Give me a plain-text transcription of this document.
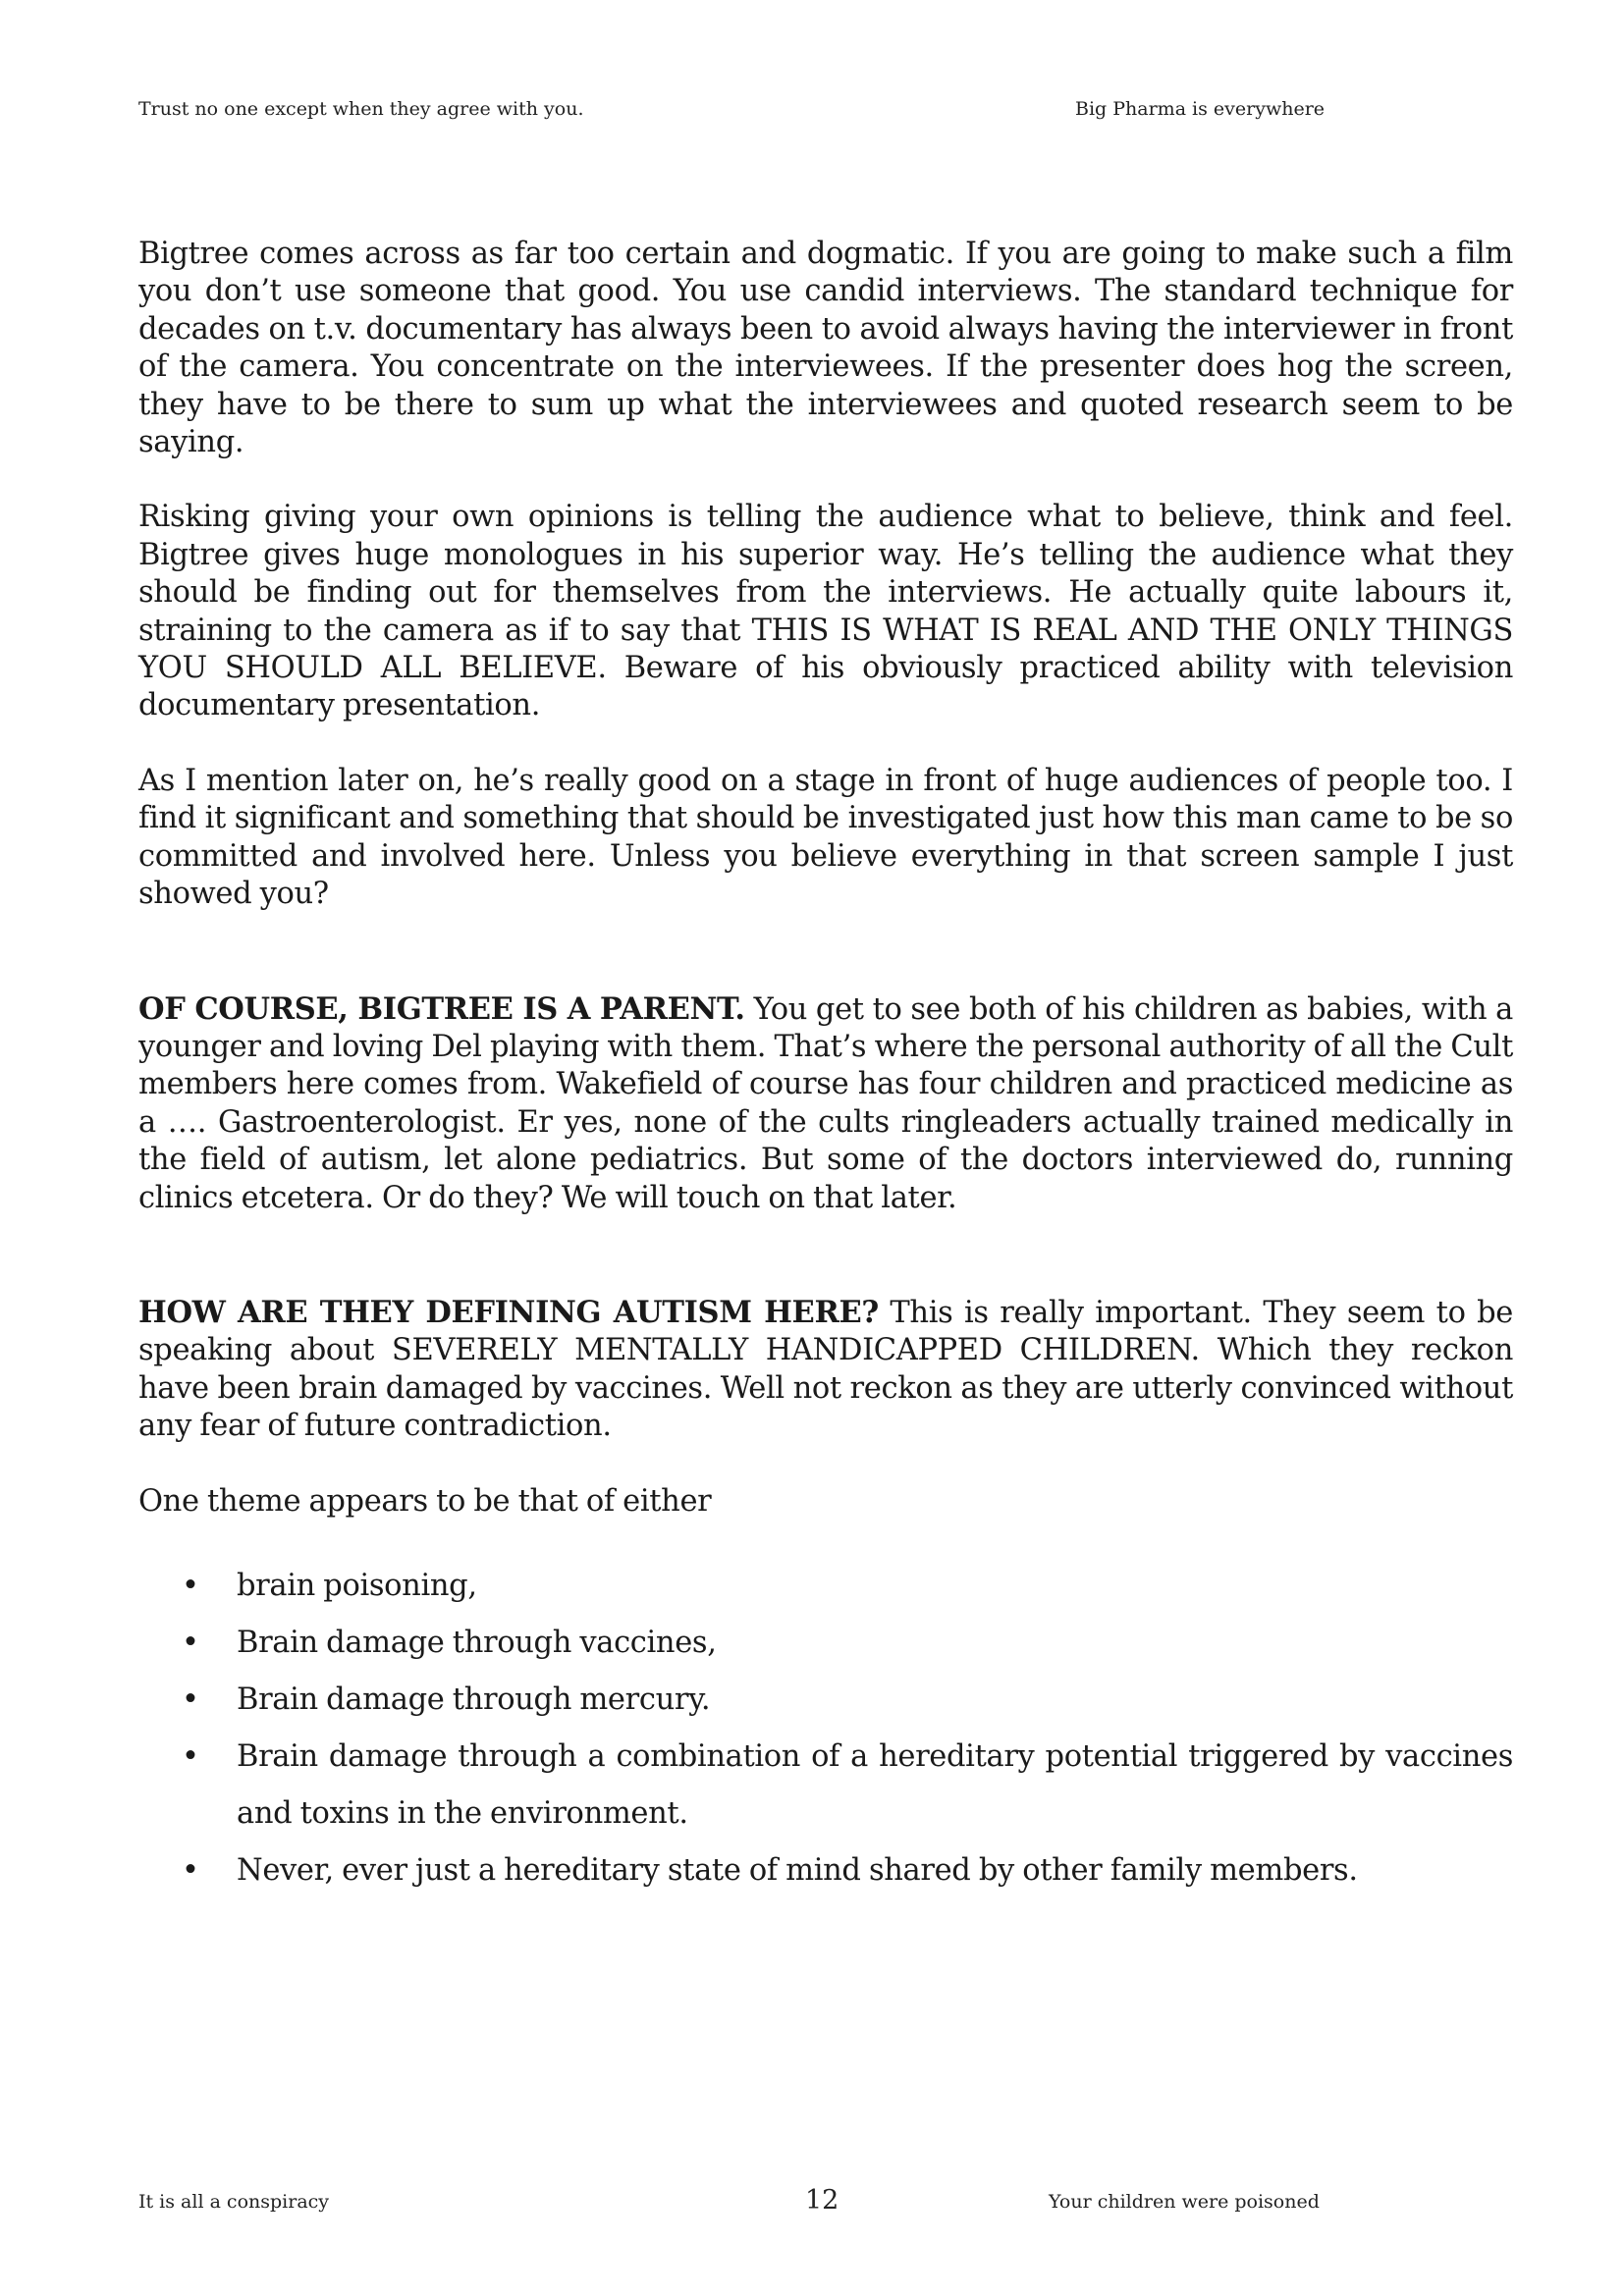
Trust no one except when they agree with you.	Big Pharma is everywhere

Bigtree comes across as far too certain and dogmatic. If you are going to make such a film you don’t use someone that good. You use candid interviews. The standard technique for decades on t.v. documentary has always been to avoid always having the interviewer in front of the camera. You concentrate on the interviewees. If the presenter does hog the screen, they have to be there to sum up what the interviewees and quoted research seem to be saying.

Risking giving your own opinions is telling the audience what to believe, think and feel. Bigtree gives huge monologues in his superior way. He’s telling the audience what they should be finding out for themselves from the interviews. He actually quite labours it, straining to the camera as if to say that THIS IS WHAT IS REAL AND THE ONLY THINGS YOU SHOULD ALL BELIEVE. Beware of his obviously practiced ability with television documentary presentation.

As I mention later on, he’s really good on a stage in front of huge audiences of people too. I find it significant and something that should be investigated just how this man came to be so committed and involved here. Unless you believe everything in that screen sample I just showed you?

OF COURSE, BIGTREE IS A PARENT. You get to see both of his children as babies, with a younger and loving Del playing with them. That’s where the personal authority of all the Cult members here comes from. Wakefield of course has four children and practiced medicine as a …. Gastroenterologist. Er yes, none of the cults ringleaders actually trained medically in the field of autism, let alone pediatrics. But some of the doctors interviewed do, running clinics etcetera. Or do they? We will touch on that later.

HOW ARE THEY DEFINING AUTISM HERE? This is really important. They seem to be speaking about SEVERELY MENTALLY HANDICAPPED CHILDREN. Which they reckon have been brain damaged by vaccines. Well not reckon as they are utterly convinced without any fear of future contradiction.

One theme appears to be that of either

• brain poisoning,
• Brain damage through vaccines,
• Brain damage through mercury.
• Brain damage through a combination of a hereditary potential triggered by vaccines and toxins in the environment.
• Never, ever just a hereditary state of mind shared by other family members.
It is all a conspiracy	12	Your children were poisoned
